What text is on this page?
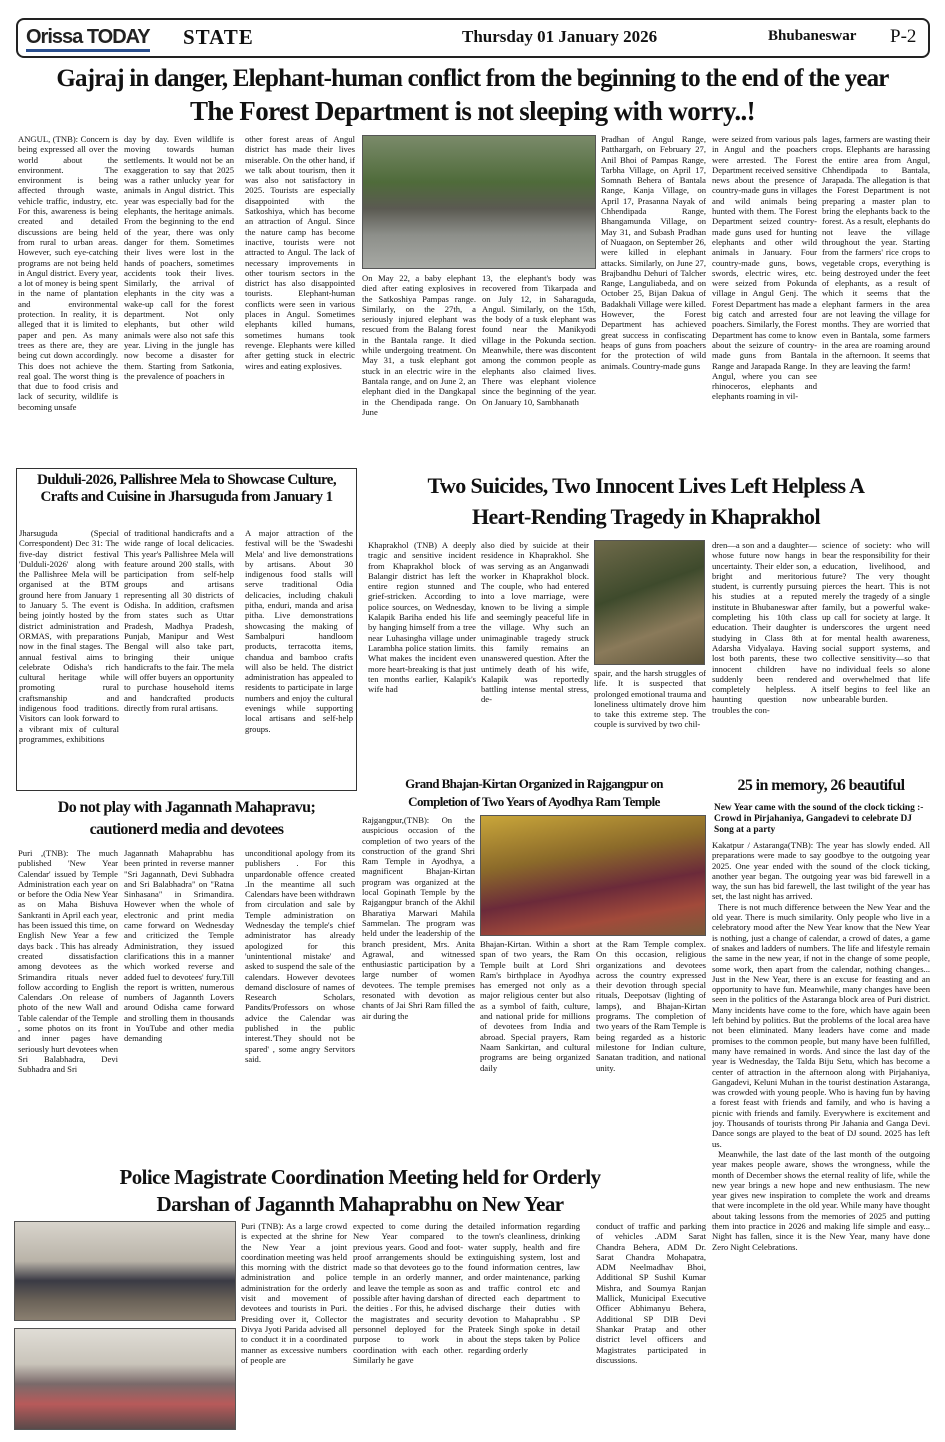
Orissa TODAY STATE	Thursday 01 January 2026	Bhubaneswar P-2
Gajraj in danger, Elephant-human conflict from the beginning to the end of the year
The Forest Department is not sleeping with worry..!
ANGUL, (TNB): Concern is being expressed all over the world about the environment. The environment is being affected through waste, vehicle traffic, industry, etc. For this, awareness is being created and detailed discussions are being held from rural to urban areas. However, such eye-catching programs are not being held in Angul district. Every year, a lot of money is being spent in the name of plantation and environmental protection. In reality, it is alleged that it is limited to paper and pen. As many trees as there are, they are being cut down accordingly. This does not achieve the real goal. The worst thing is that due to food crisis and lack of security, wildlife is becoming unsafe
day by day. Even wildlife is moving towards human settlements. It would not be an exaggeration to say that 2025 was a rather unlucky year for animals in Angul district. This year was especially bad for the elephants, the heritage animals. From the beginning to the end of the year, there was only danger for them. Sometimes their lives were lost in the hands of poachers, sometimes accidents took their lives. Similarly, the arrival of elephants in the city was a wake-up call for the forest department. Not only elephants, but other wild animals were also not safe this year. Living in the jungle has now become a disaster for them. Starting from Satkonia, the prevalence of poachers in
other forest areas of Angul district has made their lives miserable. On the other hand, if we talk about tourism, then it was also not satisfactory in 2025. Tourists are especially disappointed with the Satkoshiya, which has become an attraction of Angul. Since the nature camp has become inactive, tourists were not attracted to Angul. The lack of necessary improvements in other tourism sectors in the district has also disappointed tourists. Elephant-human conflicts were seen in various places in Angul. Sometimes elephants killed humans, sometimes humans took revenge. Elephants were killed after getting stuck in electric wires and eating explosives.
On May 22, a baby elephant died after eating explosives in the Satkoshiya Pampas range. Similarly, on the 27th, a seriously injured elephant was rescued from the Balang forest in the Bantala range. It died while undergoing treatment. On May 31, a tusk elephant got stuck in an electric wire in the Bantala range, and on June 2, an elephant died in the Dangkapal in the Chendipada range. On June
13, the elephant's body was recovered from Tikarpada and on July 12, in Saharaguda, Angul. Similarly, on the 15th, the body of a tusk elephant was found near the Manikyodi village in the Pokunda section. Meanwhile, there was discontent among the common people as elephants also claimed lives. There was elephant violence since the beginning of the year. On January 10, Sambhanath
Pradhan of Angul Range, Patthargarh, on February 27, Anil Bhoi of Pampas Range, Tarbha Village, on April 17, Somnath Behera of Bantala Range, Kanja Village, on April 17, Prasanna Nayak of Chhendipada Range, Bhangamunda Village, on May 31, and Subash Pradhan of Nuagaon, on September 26, were killed in elephant attacks. Similarly, on June 27, Brajbandhu Dehuri of Talcher Range, Languliabeda, and on October 25, Bijan Dakua of Badakhali Village were killed. However, the Forest Department has achieved great success in confiscating heaps of guns from poachers for the protection of wild animals. Country-made guns
were seized from various pals in Angul and the poachers were arrested. The Forest Department received sensitive news about the presence of country-made guns in villages and wild animals being hunted with them. The Forest Department seized country-made guns used for hunting elephants and other wild animals in January. Four country-made guns, bows, swords, electric wires, etc. were seized from Pokunda village in Angul Genj. The Forest Department has made a big catch and arrested four poachers. Similarly, the Forest Department has come to know about the seizure of country-made guns from Bantala Range and Jarapada Range. In Angul, where you can see rhinoceros, elephants and elephants roaming in vil-
lages, farmers are wasting their crops. Elephants are harassing the entire area from Angul, Chhendipada to Bantala, Jarapada. The allegation is that the Forest Department is not preparing a master plan to bring the elephants back to the forest. As a result, elephants do not leave the village throughout the year. Starting from the farmers' rice crops to vegetable crops, everything is being destroyed under the feet of elephants, as a result of which it seems that the elephant farmers in the area are not leaving the village for months. They are worried that even in Bantala, some farmers in the area are roaming around in the afternoon. It seems that they are leaving the farm!
Dulduli-2026, Pallishree Mela to Showcase Culture, Crafts and Cuisine in Jharsuguda from January 1
Jharsuguda (Special Correspondent) Dec 31: The five-day district festival 'Dulduli-2026' along with the Pallishree Mela will be organised at the BTM ground here from January 1 to January 5. The event is being jointly hosted by the district administration and ORMAS, with preparations now in the final stages. The annual festival aims to celebrate Odisha's rich cultural heritage while promoting rural craftsmanship and indigenous food traditions. Visitors can look forward to a vibrant mix of cultural programmes, exhibitions
of traditional handicrafts and a wide range of local delicacies. This year's Pallishree Mela will feature around 200 stalls, with participation from self-help groups and artisans representing all 30 districts of Odisha. In addition, craftsmen from states such as Uttar Pradesh, Madhya Pradesh, Punjab, Manipur and West Bengal will also take part, bringing their unique handicrafts to the fair. The mela will offer buyers an opportunity to purchase household items and handcrafted products directly from rural artisans.
A major attraction of the festival will be the 'Swadeshi Mela' and live demonstrations by artisans. About 30 indigenous food stalls will serve traditional Odia delicacies, including chakuli pitha, enduri, manda and arisa pitha. Live demonstrations showcasing the making of Sambalpuri handloom products, terracotta items, chandua and bamboo crafts will also be held. The district administration has appealed to residents to participate in large numbers and enjoy the cultural evenings while supporting local artisans and self-help groups.
Two Suicides, Two Innocent Lives Left Helpless A
Heart-Rending Tragedy in Khaprakhol
Khaprakhol (TNB) A deeply tragic and sensitive incident from Khaprakhol block of Balangir district has left the entire region stunned and grief-stricken. According to police sources, on Wednesday, Kalapik Bariha ended his life by hanging himself from a tree near Luhasingha village under Larambha police station limits. What makes the incident even more heart-breaking is that just ten months earlier, Kalapik's wife had
also died by suicide at their residence in Khaprakhol. She was serving as an Anganwadi worker in Khaprakhol block. The couple, who had entered into a love marriage, were known to be living a simple and seemingly peaceful life in the village. Why such an unimaginable tragedy struck this family remains an unanswered question. After the untimely death of his wife, Kalapik was reportedly battling intense mental stress, de-
spair, and the harsh struggles of life. It is suspected that prolonged emotional trauma and loneliness ultimately drove him to take this extreme step. The couple is survived by two chil-
dren—a son and a daughter—whose future now hangs in uncertainty. Their elder son, a bright and meritorious student, is currently pursuing his studies at a reputed institute in Bhubaneswar after completing his 10th class education. Their daughter is studying in Class 8th at Adarsha Vidyalaya. Having lost both parents, these two innocent children have suddenly been rendered completely helpless. A haunting question now troubles the con-
science of society: who will bear the responsibility for their education, livelihood, and future? The very thought pierces the heart. This is not merely the tragedy of a single family, but a powerful wake-up call for society at large. It underscores the urgent need for mental health awareness, social support systems, and collective sensitivity—so that no individual feels so alone and overwhelmed that life itself begins to feel like an unbearable burden.
Do not play with Jagannath Mahapravu;
cautionerd media and devotees
Puri ,(TNB): The much published 'New Year Calendar' issued by Temple Administration each year on or before the Odia New Year as on Maha Bishuva Sankranti in April each year, has been issued this time, on English New Year a few days back . This has already created dissatisfaction among devotees as the Srimandira rituals never follow according to English Calendars .On release of photo of the new Wall and Table calendar of the Temple , some photos on its front and inner pages have seriously hurt devotees when Sri Balabhadra, Devi Subhadra and Sri
Jagannath Mahaprabhu has been printed in reverse manner "Sri Jagannath, Devi Subhadra and Sri Balabhadra" on "Ratna Sinhasana" in Srimandira. However when the whole of electronic and print media came forward on Wednesday and criticized the Temple Administration, they issued clarifications this in a manner which worked reverse and added fuel to devotees' fury.Till the report is written, numerous numbers of Jagannth Lovers around Odisha came forward and strolling them in thousands in YouTube and other media demanding
unconditional apology from its publishers . For this unpardonable offence created .In the meantime all such Calendars have been withdrawn from circulation and sale by Temple administration on Wednesday the temple's chief administrator has already apologized for this 'unintentional mistake' and asked to suspend the sale of the calendars. However devotees demand disclosure of names of Research Scholars, Pandits/Professors on whose advice the Calendar was published in the public interest.'They should not be spared' , some angry Servitors said.
Grand Bhajan-Kirtan Organized in Rajgangpur on
Completion of Two Years of Ayodhya Ram Temple
Rajgangpur,(TNB): On the auspicious occasion of the completion of two years of the construction of the grand Shri Ram Temple in Ayodhya, a magnificent Bhajan-Kirtan program was organized at the local Gopinath Temple by the Rajgangpur branch of the Akhil Bharatiya Marwari Mahila Sammelan. The program was held under the leadership of the branch president, Mrs. Anita Agrawal, and witnessed enthusiastic participation by a large number of women devotees. The temple premises resonated with devotion as chants of Jai Shri Ram filled the air during the
Bhajan-Kirtan. Within a short span of two years, the Ram Temple built at Lord Shri Ram's birthplace in Ayodhya has emerged not only as a major religious center but also as a symbol of faith, culture, and national pride for millions of devotees from India and abroad. Special prayers, Ram Naam Sankirtan, and cultural programs are being organized daily
at the Ram Temple complex. On this occasion, religious organizations and devotees across the country expressed their devotion through special rituals, Deepotsav (lighting of lamps), and Bhajan-Kirtan programs. The completion of two years of the Ram Temple is being regarded as a historic milestone for Indian culture, Sanatan tradition, and national unity.
25 in memory, 26 beautiful
New Year came with the sound of the clock ticking :-Crowd in Pirjahaniya, Gangadevi to celebrate DJ Song at a party

Kakatpur / Astaranga(TNB): The year has slowly ended. All preparations were made to say goodbye to the outgoing year 2025. One year ended with the sound of the clock ticking, another year began. The outgoing year was bid farewell in a way, the sun has bid farewell, the last twilight of the year has set, the last night has arrived.

There is not much difference between the New Year and the old year. There is much similarity. Only people who live in a celebratory mood after the New Year know that the New Year is nothing, just a change of calendar, a crowd of dates, a game of snakes and ladders of numbers. The life and lifestyle remain the same in the new year, if not in the change of some people, some work, then apart from the calendar, nothing changes... Just in the New Year, there is an excuse for feasting and an opportunity to have fun. Meanwhile, many changes have been seen in the politics of the Astaranga block area of Puri district. Many incidents have come to the fore, which have again been left behind by politics. But the problems of the local area have not been eliminated. Many leaders have come and made promises to the common people, but many have been fulfilled, many have remained in words. And since the last day of the year is Wednesday, the Talda Biju Setu, which has become a center of attraction in the afternoon along with Pirjahaniya, Gangadevi, Keluni Muhan in the tourist destination Astaranga, was crowded with young people. Who is having fun by having a forest feast with friends and family, and who is having a picnic with friends and family. Everywhere is excitement and joy. Thousands of tourists throng Pir Jahania and Ganga Devi. Dance songs are played to the beat of DJ sound. 2025 has left us.

Meanwhile, the last date of the last month of the outgoing year makes people aware, shows the wrongness, while the month of December shows the eternal reality of life, while the new year brings a new hope and new enthusiasm. The new year gives new inspiration to complete the work and dreams that were incomplete in the old year. While many have thought about taking lessons from the memories of 2025 and putting them into practice in 2026 and making life simple and easy... Night has fallen, since it is the New Year, many have done Zero Night Celebrations.

Police Magistrate Coordination Meeting held for Orderly
Darshan of Jagannth Mahaprabhu on New Year
Puri (TNB): As a large crowd is expected at the shrine for the New Year a joint coordination meeting was held this morning with the district administration and police administration for the orderly visit and movement of devotees and tourists in Puri. Presiding over it, Collector Divya Jyoti Parida advised all to conduct it in a coordinated manner as excessive numbers of people are
expected to come during the New Year compared to previous years. Good and foot-proof arrangements should be made so that devotees go to the temple in an orderly manner, and leave the temple as soon as possible after having darshan of the deities . For this, he advised the magistrates and security personnel deployed for the purpose to work in coordination with each other. Similarly he gave
detailed information regarding the town's cleanliness, drinking water supply, health and fire extinguishing system, lost and found information centres, law and order maintenance, parking and traffic control etc and directed each department to discharge their duties with devotion to Mahaprabhu . SP Prateek Singh spoke in detail about the steps taken by Police regarding orderly
conduct of traffic and parking of vehicles .ADM Sarat Chandra Behera, ADM Dr. Sarat Chandra Mohapatra, ADM Neelmadhav Bhoi, Additional SP Sushil Kumar Mishra, and Soumya Ranjan Mallick, Municipal Executive Officer Abhimanyu Behera, Additional SP DIB Devi Shankar Pratap and other district level officers and Magistrates participated in discussions.
